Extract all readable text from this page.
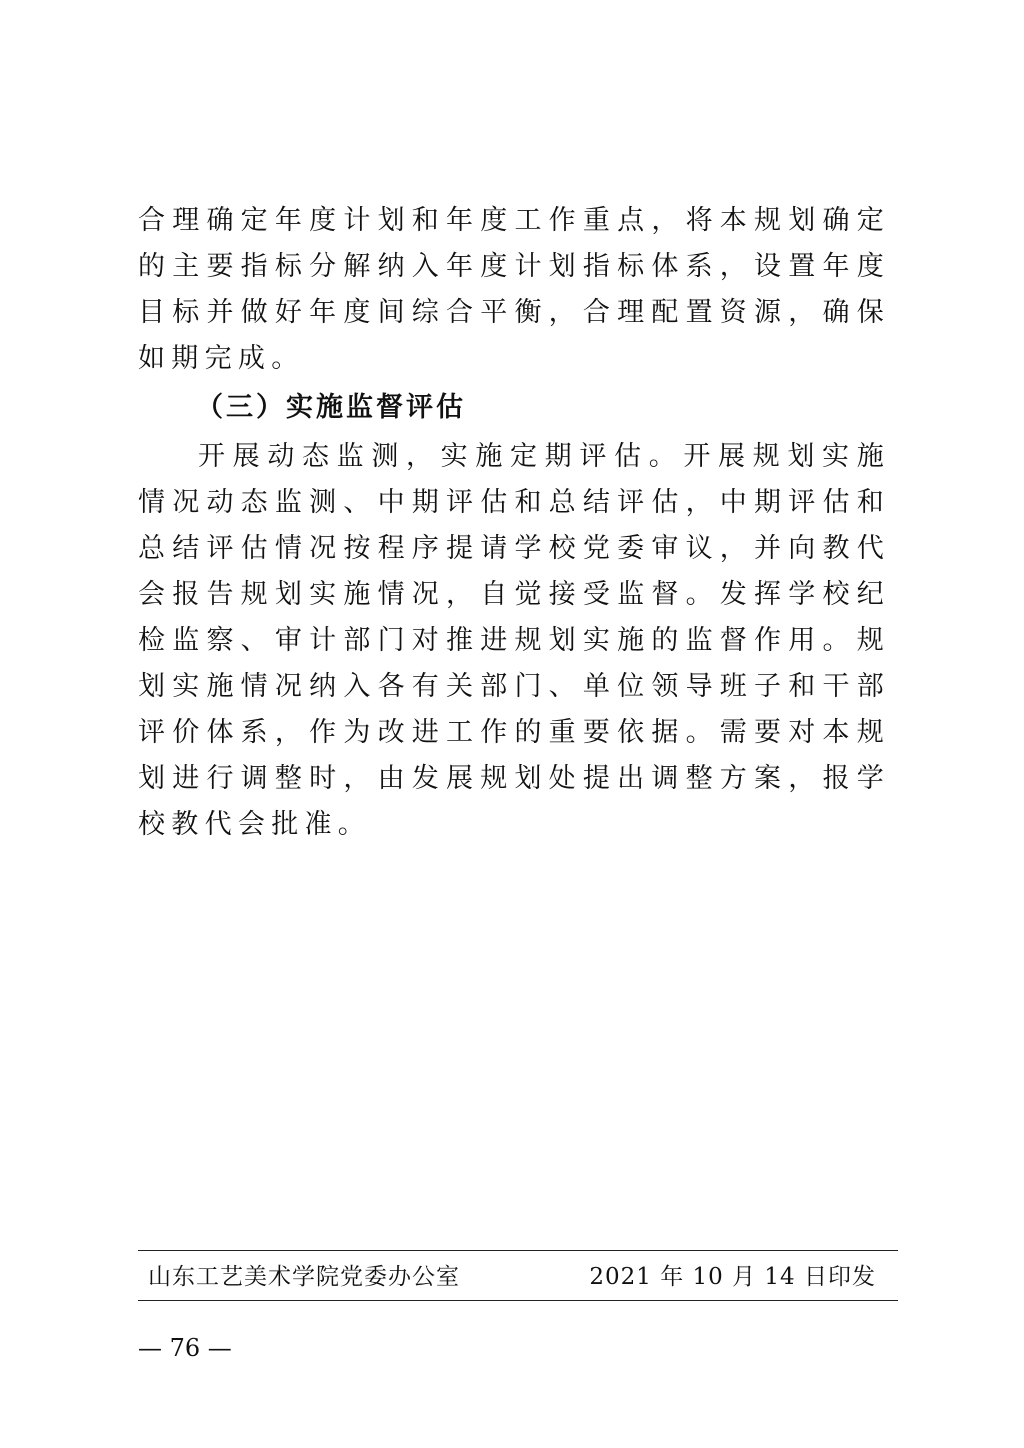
合理确定年度计划和年度工作重点，将本规划确定的主要指标分解纳入年度计划指标体系，设置年度目标并做好年度间综合平衡，合理配置资源，确保如期完成。

（三）实施监督评估

开展动态监测，实施定期评估。开展规划实施情况动态监测、中期评估和总结评估，中期评估和总结评估情况按程序提请学校党委审议，并向教代会报告规划实施情况，自觉接受监督。发挥学校纪检监察、审计部门对推进规划实施的监督作用。规划实施情况纳入各有关部门、单位领导班子和干部评价体系，作为改进工作的重要依据。需要对本规划进行调整时，由发展规划处提出调整方案，报学校教代会批准。

山东工艺美术学院党委办公室	2021 年 10 月 14 日印发
— 76 —
